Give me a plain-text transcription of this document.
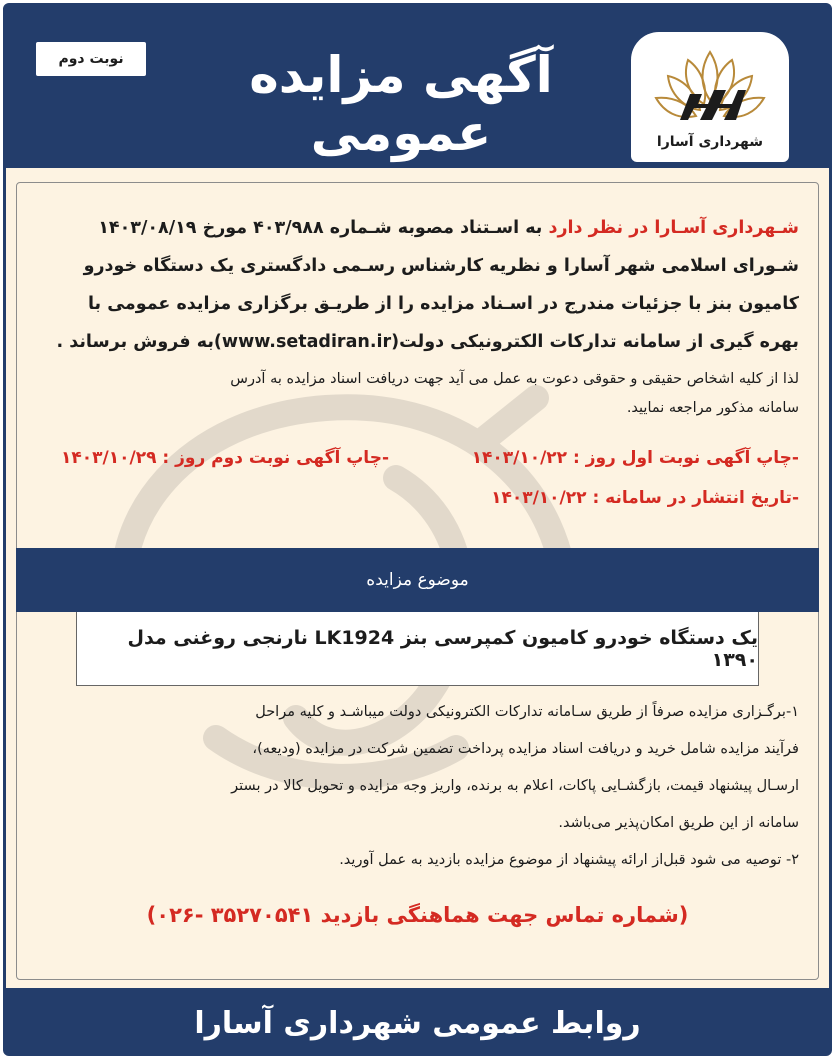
نوبت دوم	آگهی مزایده عمومی	شهرداری آسارا
شـهرداری آسـارا در نظر دارد به اسـتناد مصوبه شـماره ۴۰۳/۹۸۸ مورخ ۱۴۰۳/۰۸/۱۹
شـورای اسلامی شهر آسارا و نظریه کارشناس رسـمی دادگستری یک دستگاه خودرو
کامیون بنز با جزئیات مندرج در اسـناد مزایده را از طریـق برگزاری مزایده عمومی با
بهره گیری از سامانه تدارکات الکترونیکی دولت(www.setadiran.ir)به فروش برساند .
لذا از کلیه اشخاص حقیقی و حقوقی دعوت به عمل می آید جهت دریافت اسناد مزایده به آدرس
سامانه مذکور مراجعه نمایید.
-چاپ آگهی نوبت اول روز : ۱۴۰۳/۱۰/۲۲
-چاپ آگهی نوبت دوم روز : ۱۴۰۳/۱۰/۲۹
-تاریخ انتشار در سامانه : ۱۴۰۳/۱۰/۲۲
موضوع مزایده
یک دستگاه خودرو کامیون کمپرسی بنز LK1924 نارنجی روغنی مدل ۱۳۹۰
۱-برگـزاری مزایده صرفاً از طریق سـامانه تدارکات الکترونیکی دولت میباشـد و کلیه مراحل
فرآیند مزایده شامل خرید و دریافت اسناد مزایده پرداخت تضمین شرکت در مزایده (ودیعه)،
ارسـال پیشنهاد قیمت، بازگشـایی پاکات، اعلام به برنده، واریز وجه مزایده و تحویل کالا در بستر
سامانه از این طریق امکان‌پذیر می‌باشد.
۲- توصیه می شود قبل‌از ارائه پیشنهاد از موضوع مزایده بازدید به عمل آورید.
(شماره تماس جهت هماهنگی بازدید ۳۵۲۷۰۵۴۱ -۰۲۶)
روابط عمومی شهرداری آسارا
